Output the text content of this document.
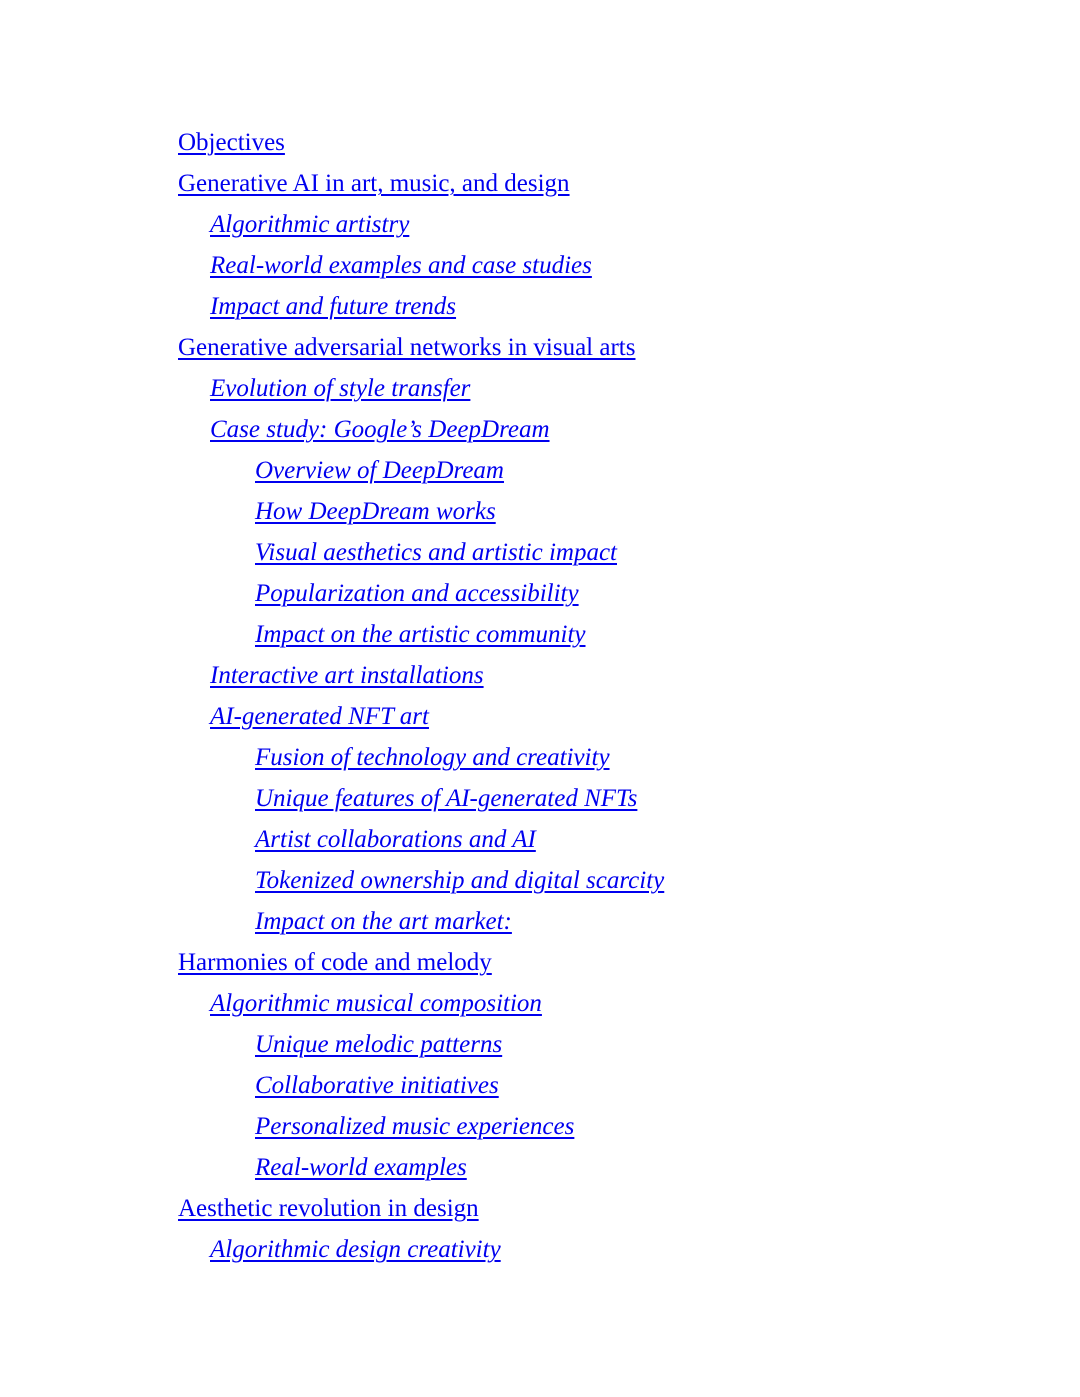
Objectives
Generative AI in art, music, and design
Algorithmic artistry
Real-world examples and case studies
Impact and future trends
Generative adversarial networks in visual arts
Evolution of style transfer
Case study: Google’s DeepDream
Overview of DeepDream
How DeepDream works
Visual aesthetics and artistic impact
Popularization and accessibility
Impact on the artistic community
Interactive art installations
AI-generated NFT art
Fusion of technology and creativity
Unique features of AI-generated NFTs
Artist collaborations and AI
Tokenized ownership and digital scarcity
Impact on the art market:
Harmonies of code and melody
Algorithmic musical composition
Unique melodic patterns
Collaborative initiatives
Personalized music experiences
Real-world examples
Aesthetic revolution in design
Algorithmic design creativity
